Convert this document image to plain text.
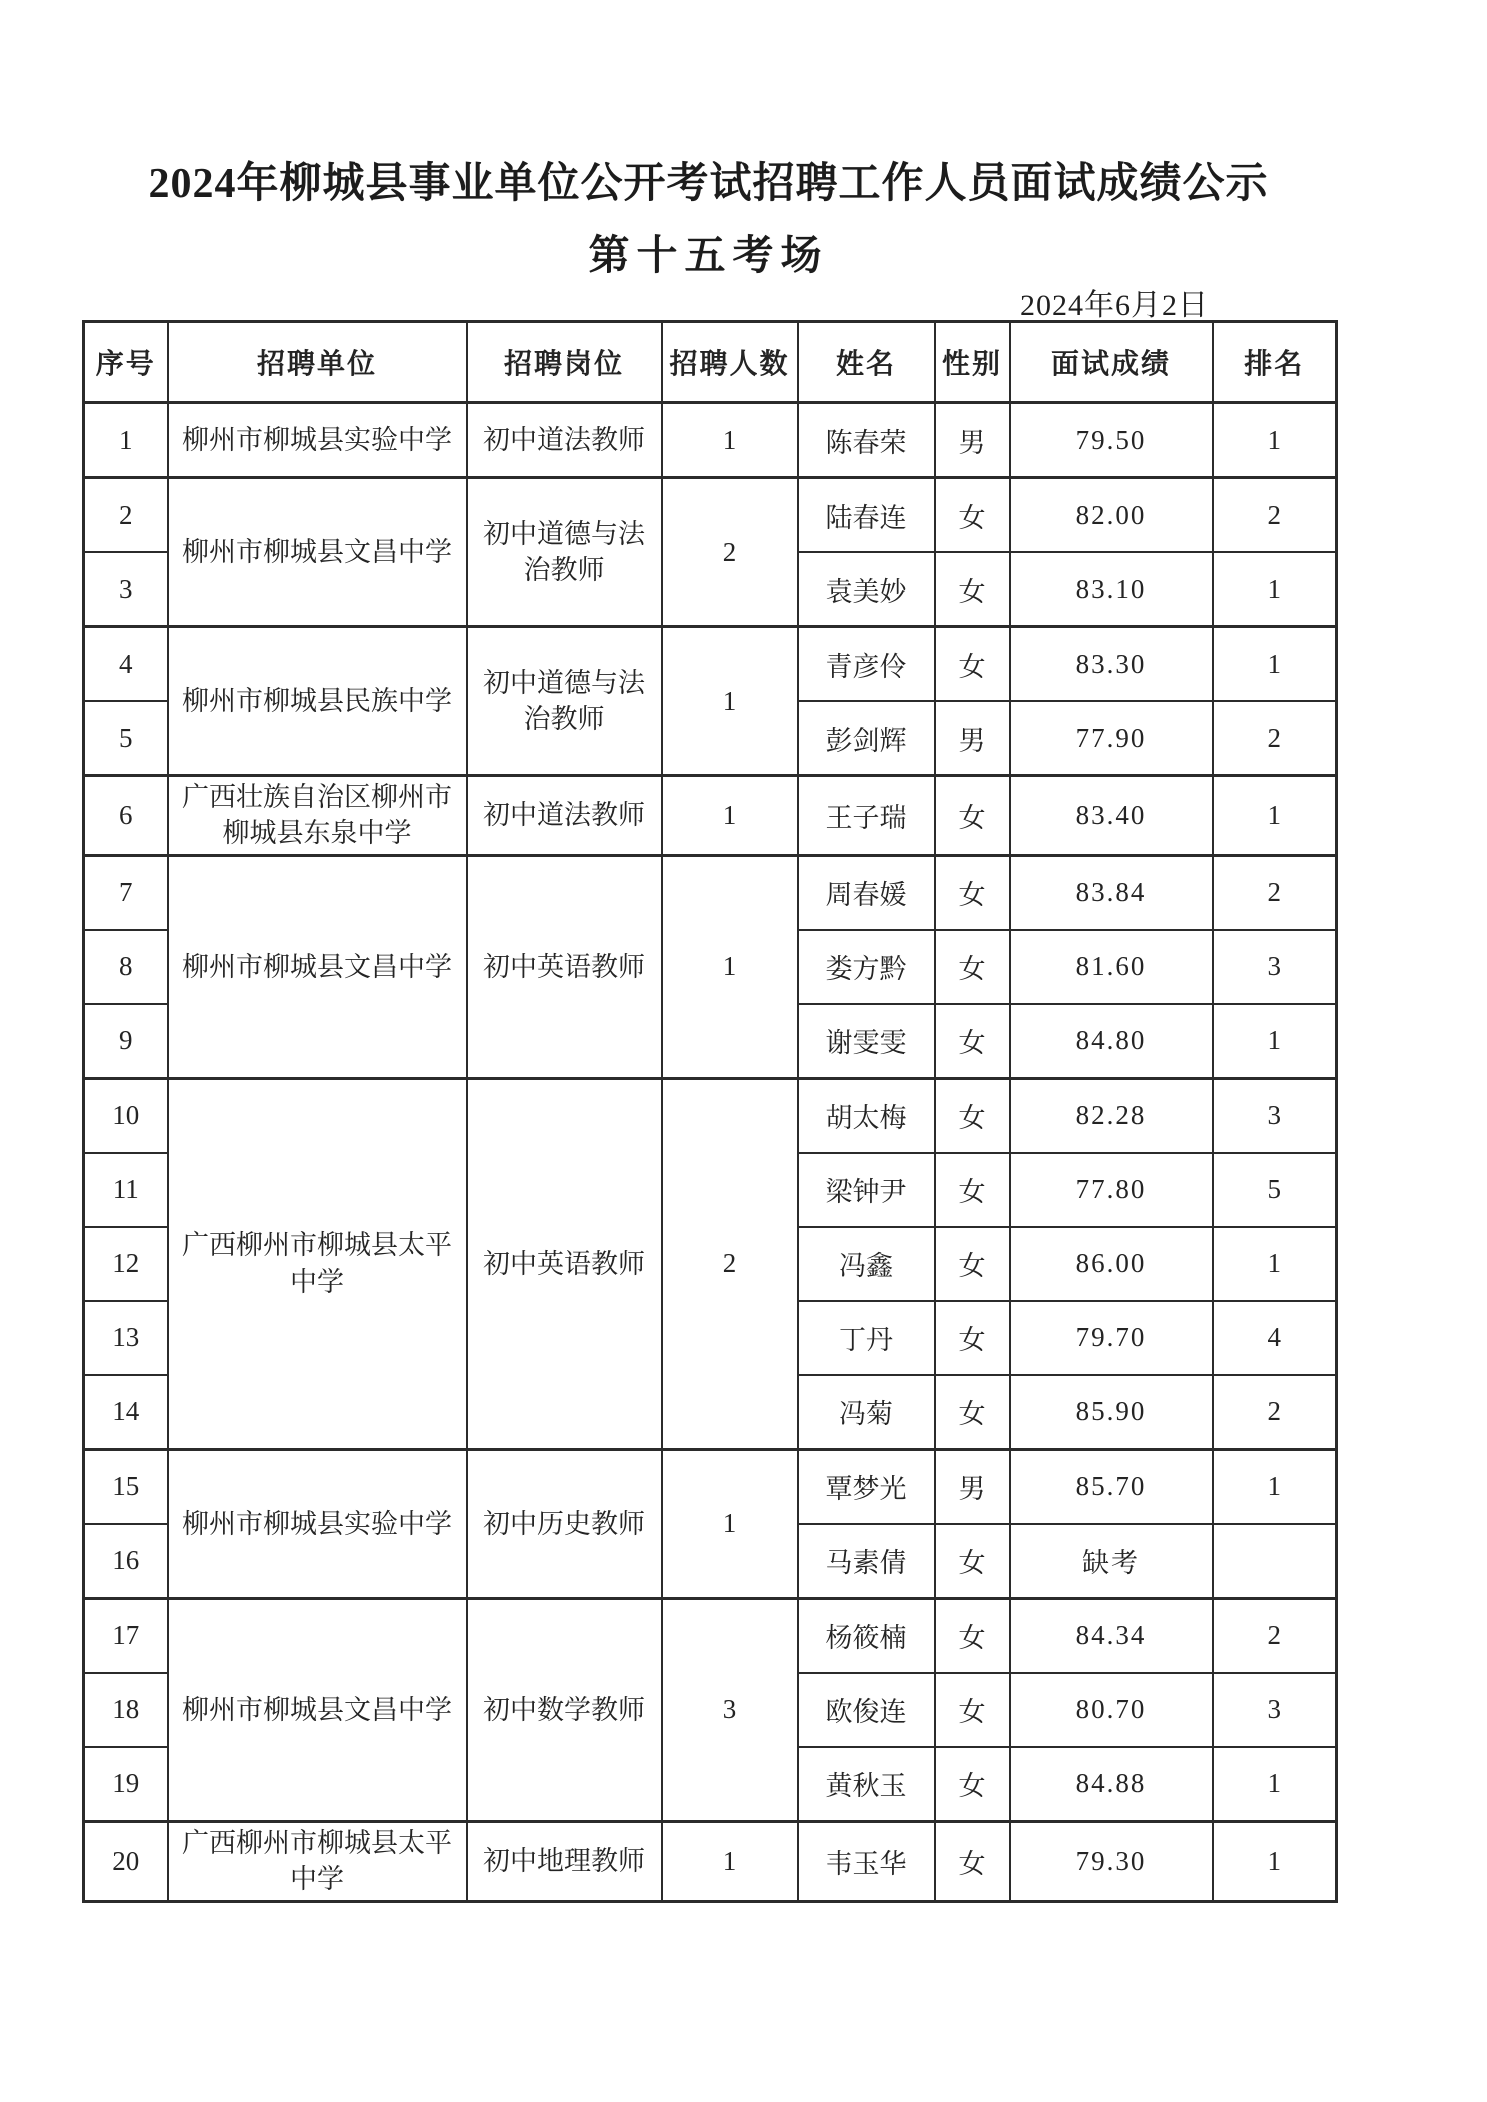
2024年柳城县事业单位公开考试招聘工作人员面试成绩公示
第十五考场
2024年6月2日
序号	招聘单位	招聘岗位	招聘人数	姓名	性别	面试成绩	排名
1	柳州市柳城县实验中学	初中道法教师	1	陈春荣	男	79.50	1
2	柳州市柳城县文昌中学	初中道德与法治教师	2	陆春连	女	82.00	2
3				袁美妙	女	83.10	1
4	柳州市柳城县民族中学	初中道德与法治教师	1	青彦伶	女	83.30	1
5				彭剑辉	男	77.90	2
6	广西壮族自治区柳州市柳城县东泉中学	初中道法教师	1	王子瑞	女	83.40	1
7	柳州市柳城县文昌中学	初中英语教师	1	周春媛	女	83.84	2
8				娄方黔	女	81.60	3
9				谢雯雯	女	84.80	1
10	广西柳州市柳城县太平中学	初中英语教师	2	胡太梅	女	82.28	3
11				梁钟尹	女	77.80	5
12				冯鑫	女	86.00	1
13				丁丹	女	79.70	4
14				冯菊	女	85.90	2
15	柳州市柳城县实验中学	初中历史教师	1	覃梦光	男	85.70	1
16				马素倩	女	缺考	
17	柳州市柳城县文昌中学	初中数学教师	3	杨筱楠	女	84.34	2
18				欧俊连	女	80.70	3
19				黄秋玉	女	84.88	1
20	广西柳州市柳城县太平中学	初中地理教师	1	韦玉华	女	79.30	1
